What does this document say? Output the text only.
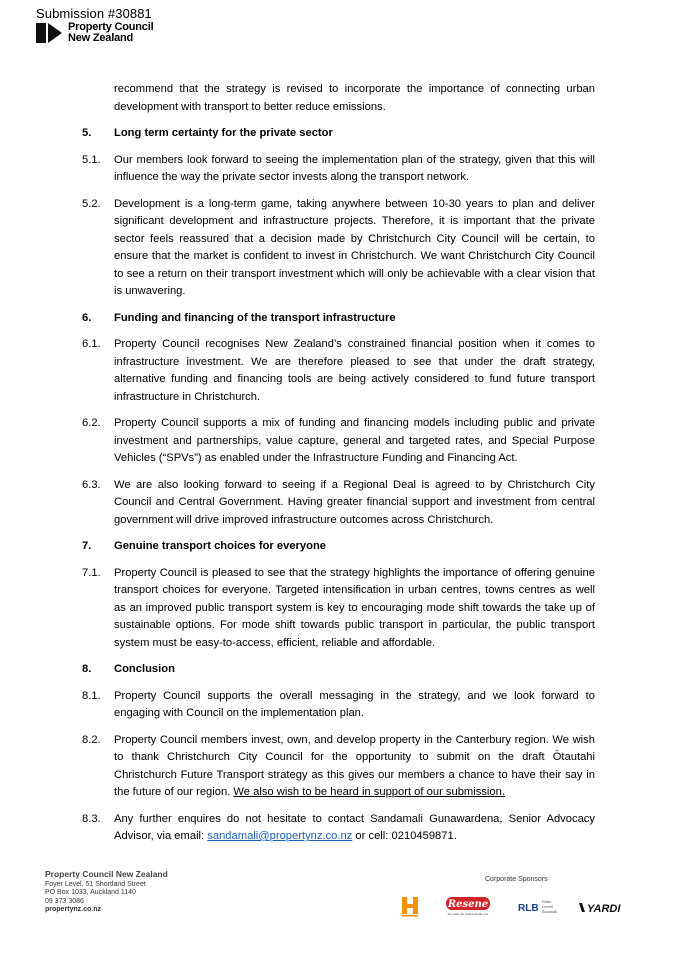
Submission #30881
Property Council
New Zealand
recommend that the strategy is revised to incorporate the importance of connecting urban development with transport to better reduce emissions.
5.	Long term certainty for the private sector
5.1.	Our members look forward to seeing the implementation plan of the strategy, given that this will influence the way the private sector invests along the transport network.
5.2.	Development is a long-term game, taking anywhere between 10-30 years to plan and deliver significant development and infrastructure projects. Therefore, it is important that the private sector feels reassured that a decision made by Christchurch City Council will be certain, to ensure that the market is confident to invest in Christchurch. We want Christchurch City Council to see a return on their transport investment which will only be achievable with a clear vision that is unwavering.
6.	Funding and financing of the transport infrastructure
6.1.	Property Council recognises New Zealand’s constrained financial position when it comes to infrastructure investment. We are therefore pleased to see that under the draft strategy, alternative funding and financing tools are being actively considered to fund future transport infrastructure in Christchurch.
6.2.	Property Council supports a mix of funding and financing models including public and private investment and partnerships, value capture, general and targeted rates, and Special Purpose Vehicles (“SPVs”) as enabled under the Infrastructure Funding and Financing Act.
6.3.	We are also looking forward to seeing if a Regional Deal is agreed to by Christchurch City Council and Central Government. Having greater financial support and investment from central government will drive improved infrastructure outcomes across Christchurch.
7.	Genuine transport choices for everyone
7.1.	Property Council is pleased to see that the strategy highlights the importance of offering genuine transport choices for everyone. Targeted intensification in urban centres, towns centres as well as an improved public transport system is key to encouraging mode shift towards the take up of sustainable options. For mode shift towards public transport in particular, the public transport system must be easy-to-access, efficient, reliable and affordable.
8.	Conclusion
8.1.	Property Council supports the overall messaging in the strategy, and we look forward to engaging with Council on the implementation plan.
8.2.	Property Council members invest, own, and develop property in the Canterbury region. We wish to thank Christchurch City Council for the opportunity to submit on the draft Ōtautahi Christchurch Future Transport strategy as this gives our members a chance to have their say in the future of our region. We also wish to be heard in support of our submission.
8.3.	Any further enquires do not hesitate to contact Sandamali Gunawardena, Senior Advocacy Advisor, via email: sandamali@propertynz.co.nz or cell: 0210459871.
Property Council New Zealand
Foyer Level, 51 Shortland Street
PO Box 1033, Auckland 1140
09 373 3086
propertynz.co.nz
Corporate Sponsors
Resene
the paint the professionals use	RLB
Rider
Levett
Bucknall	YARDI
